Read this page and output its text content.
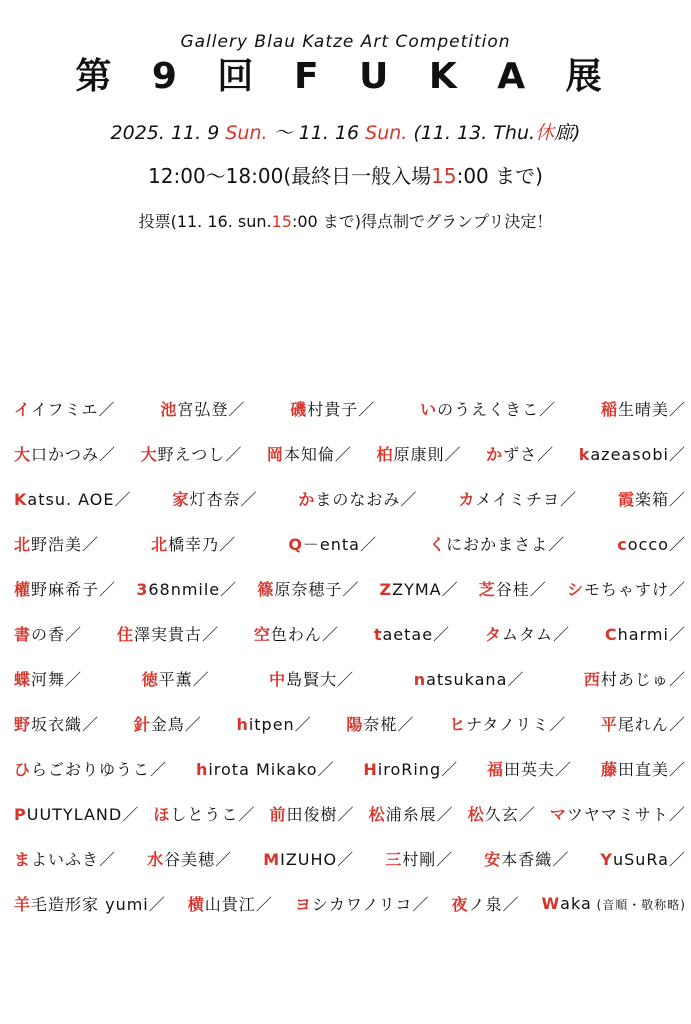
Gallery Blau Katze Art Competition
第 9 回 F U K A 展
2025. 11. 9 Sun. 〜 11. 16 Sun. (11. 13. Thu.休廊)
12:00〜18:00(最終日一般入場15:00 まで)
投票(11. 16. sun.15:00 まで)得点制でグランプリ決定！
イイフミエ／	池宮弘登／	磯村貴子／	いのうえくきこ／	稲生晴美／
大口かつみ／ 大野えつし／ 岡本知倫／ 柏原康則／ かずさ／ kazeasobi／
Katsu. AOE／	家灯杏奈／	かまのなおみ／	カメイミチヨ／	霞楽箱／
北野浩美／	北橋幸乃／	Q－enta／	くにおかまさよ／	cocco／
權野麻希子／ 368nmile／ 篠原奈穂子／ ZZYMA／ 芝谷桂／ シモちゃすけ／
書の香／ 住澤実貴古／ 空色わん／ taetae／ タムタム／ Charmi／
蝶河舞／	徳平薫／	中島賢大／	natsukana／	西村あじゅ／
野坂衣織／ 針金鳥／ hitpen／ 陽奈椛／ ヒナタノリミ／ 平尾れん／
ひらごおりゆうこ／ hirota Mikako／ HiroRing／ 福田英夫／ 藤田直美／
PUUTYLAND／ ほしとうこ／ 前田俊樹／ 松浦糸展／ 松久玄／ マツヤマミサト／
まよいふき／ 水谷美穂／ MIZUHO／ 三村剛／ 安本香織／ YuSuRa／
羊毛造形家 yumi／ 横山貴江／ ヨシカワノリコ／ 夜ノ泉／ Waka (音順・敬称略)
